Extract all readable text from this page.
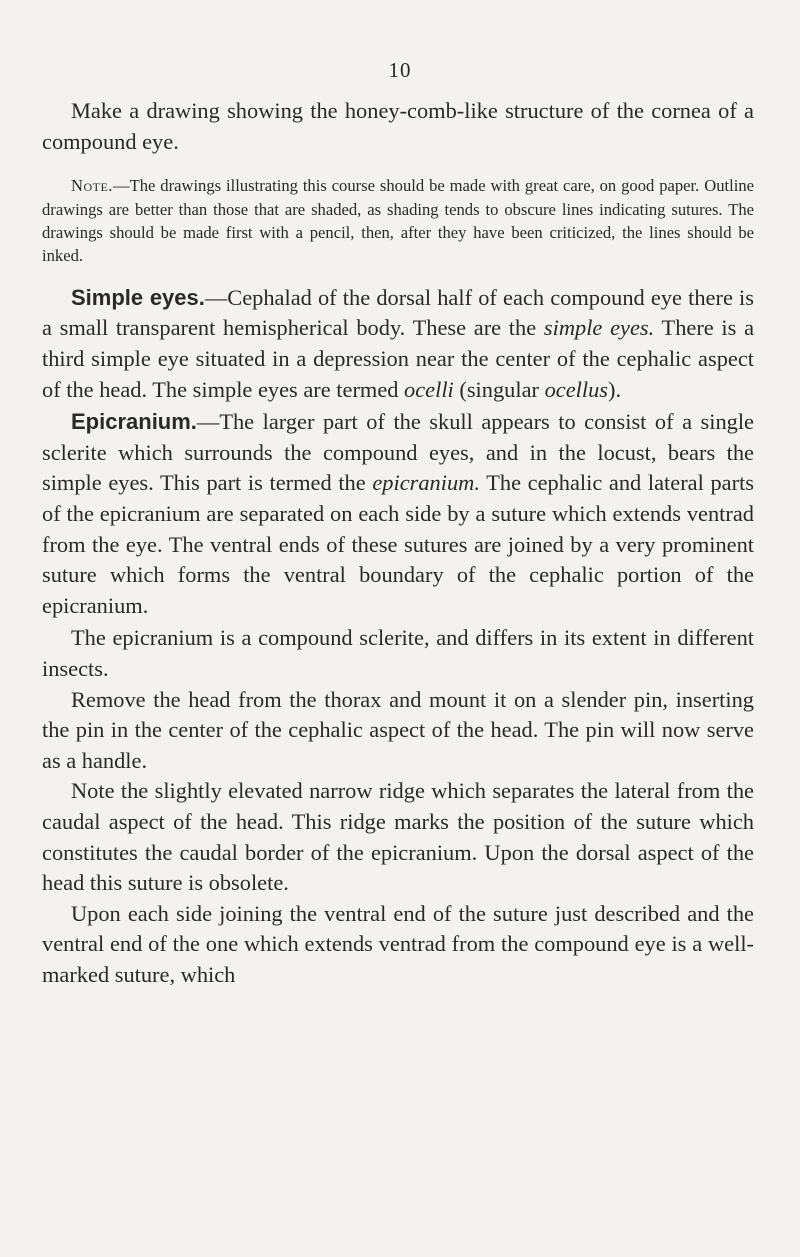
10

Make a drawing showing the honey-comb-like structure of the cornea of a compound eye.

Note.—The drawings illustrating this course should be made with great care, on good paper. Outline drawings are better than those that are shaded, as shading tends to obscure lines indicating sutures. The drawings should be made first with a pencil, then, after they have been criticized, the lines should be inked.

Simple eyes.—Cephalad of the dorsal half of each compound eye there is a small transparent hemispherical body. These are the simple eyes. There is a third simple eye situated in a depression near the center of the cephalic aspect of the head. The simple eyes are termed ocelli (singular ocellus).

Epicranium.—The larger part of the skull appears to consist of a single sclerite which surrounds the compound eyes, and in the locust, bears the simple eyes. This part is termed the epicranium. The cephalic and lateral parts of the epicranium are separated on each side by a suture which extends ventrad from the eye. The ventral ends of these sutures are joined by a very prominent suture which forms the ventral boundary of the cephalic portion of the epicranium.

The epicranium is a compound sclerite, and differs in its extent in different insects.

Remove the head from the thorax and mount it on a slender pin, inserting the pin in the center of the cephalic aspect of the head. The pin will now serve as a handle.

Note the slightly elevated narrow ridge which separates the lateral from the caudal aspect of the head. This ridge marks the position of the suture which constitutes the caudal border of the epicranium. Upon the dorsal aspect of the head this suture is obsolete.

Upon each side joining the ventral end of the suture just described and the ventral end of the one which extends ventrad from the compound eye is a well-marked suture, which
